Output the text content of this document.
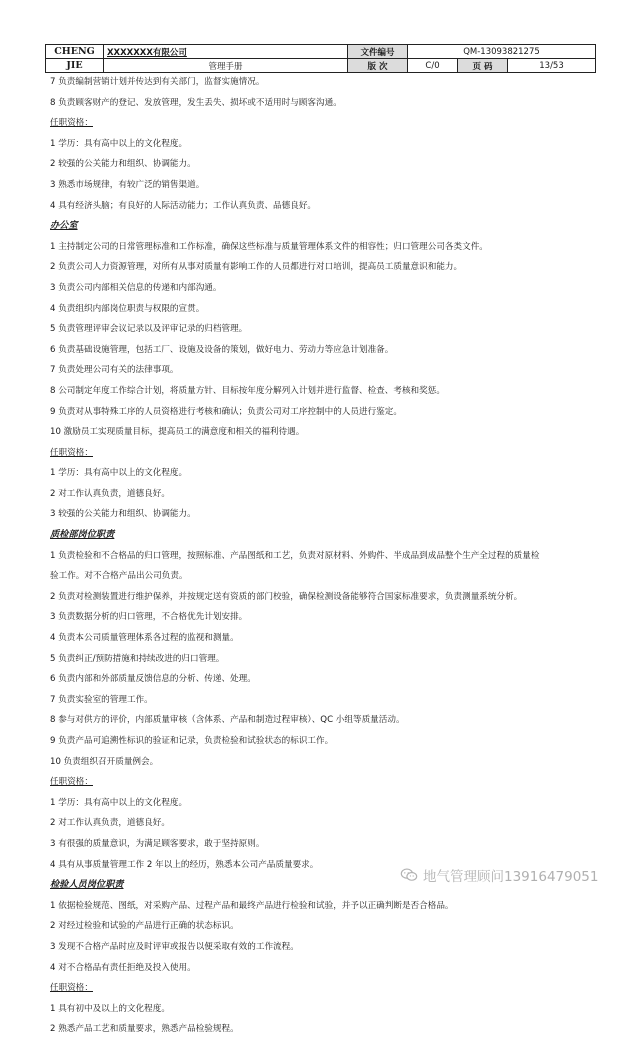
CHENG	XXXXXXX有限公司	文件编号	QM-13093821275		
JIE	管理手册	版 次	C/0	页 码	13/53
7 负责编制营销计划并传达到有关部门，监督实施情况。
8 负责顾客财产的登记、发放管理，发生丢失、损坏或不适用时与顾客沟通。
任职资格：
1 学历：具有高中以上的文化程度。
2 较强的公关能力和组织、协调能力。
3 熟悉市场规律，有较广泛的销售渠道。
4 具有经济头脑；有良好的人际活动能力；工作认真负责、品德良好。
办公室
1 主持制定公司的日常管理标准和工作标准，确保这些标准与质量管理体系文件的相容性；归口管理公司各类文件。
2 负责公司人力资源管理，对所有从事对质量有影响工作的人员都进行对口培训，提高员工质量意识和能力。
3 负责公司内部相关信息的传递和内部沟通。
4 负责组织内部岗位职责与权限的宣贯。
5 负责管理评审会议记录以及评审记录的归档管理。
6 负责基础设施管理，包括工厂、设施及设备的策划，做好电力、劳动力等应急计划准备。
7 负责处理公司有关的法律事项。
8 公司制定年度工作综合计划，将质量方针、目标按年度分解列入计划并进行监督、检查、考核和奖惩。
9 负责对从事特殊工序的人员资格进行考核和确认；负责公司对工序控制中的人员进行鉴定。
10 激励员工实现质量目标，提高员工的满意度和相关的福利待遇。
任职资格：
1 学历：具有高中以上的文化程度。
2 对工作认真负责，道德良好。
3 较强的公关能力和组织、协调能力。
质检部岗位职责
1 负责检验和不合格品的归口管理，按照标准、产品图纸和工艺，负责对原材料、外购件、半成品到成品整个生产全过程的质量检
验工作。对不合格产品出公司负责。
2 负责对检测装置进行维护保养，并按规定送有资质的部门校验，确保检测设备能够符合国家标准要求，负责测量系统分析。
3 负责数据分析的归口管理，不合格优先计划安排。
4 负责本公司质量管理体系各过程的监视和测量。
5 负责纠正/预防措施和持续改进的归口管理。
6 负责内部和外部质量反馈信息的分析、传递、处理。
7 负责实验室的管理工作。
8 参与对供方的评价，内部质量审核（含体系、产品和制造过程审核）、QC 小组等质量活动。
9 负责产品可追溯性标识的验证和记录，负责检验和试验状态的标识工作。
10 负责组织召开质量例会。
任职资格：
1 学历：具有高中以上的文化程度。
2 对工作认真负责，道德良好。
3 有很强的质量意识，为满足顾客要求，敢于坚持原则。
4 具有从事质量管理工作 2 年以上的经历，熟悉本公司产品质量要求。
检验人员岗位职责
1 依据检验规范、图纸，对采购产品、过程产品和最终产品进行检验和试验，并予以正确判断是否合格品。
2 对经过检验和试验的产品进行正确的状态标识。
3 发现不合格产品时应及时评审或报告以便采取有效的工作流程。
4 对不合格品有责任拒绝及投入使用。
任职资格：
1 具有初中及以上的文化程度。
2 熟悉产品工艺和质量要求，熟悉产品检验规程。
地气管理顾问13916479051
